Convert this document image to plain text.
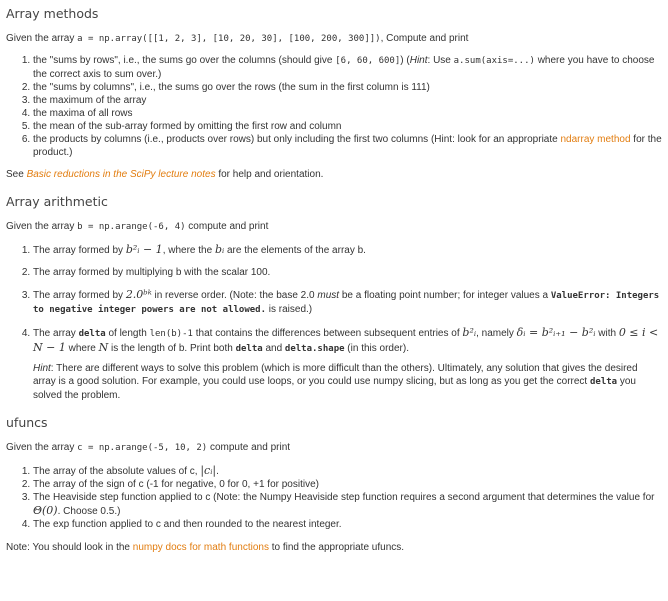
Array methods

Given the array a = np.array([[1, 2, 3], [10, 20, 30], [100, 200, 300]]), Compute and print

1. the "sums by rows", i.e., the sums go over the columns (should give [6, 60, 600]) (Hint: Use a.sum(axis=...) where you have to choose the correct axis to sum over.)
2. the "sums by columns", i.e., the sums go over the rows (the sum in the first column is 111)
3. the maximum of the array
4. the maxima of all rows
5. the mean of the sub-array formed by omitting the first row and column
6. the products by columns (i.e., products over rows) but only including the first two columns (Hint: look for an appropriate ndarray method for the product.)

See Basic reductions in the SciPy lecture notes for help and orientation.

Array arithmetic

Given the array b = np.arange(-6, 4) compute and print

1. The array formed by b²ᵢ − 1, where the bᵢ are the elements of the array b.
2. The array formed by multiplying b with the scalar 100.
3. The array formed by 2.0ᵇᵏ in reverse order. (Note: the base 2.0 must be a floating point number; for integer values a ValueError: Integers to negative integer powers are not allowed. is raised.)
4. The array delta of length len(b)-1 that contains the differences between subsequent entries of b²ᵢ, namely δᵢ = b²ᵢ₊₁ − b²ᵢ with 0 ≤ i < N − 1 where N is the length of b. Print both delta and delta.shape (in this order).

Hint: There are different ways to solve this problem (which is more difficult than the others). Ultimately, any solution that gives the desired array is a good solution. For example, you could use loops, or you could use numpy slicing, but as long as you get the correct delta you solved the problem.

ufuncs

Given the array c = np.arange(-5, 10, 2) compute and print

1. The array of the absolute values of c, |cᵢ|.
2. The array of the sign of c (-1 for negative, 0 for 0, +1 for positive)
3. The Heaviside step function applied to c (Note: the Numpy Heaviside step function requires a second argument that determines the value for Θ(0). Choose 0.5.)
4. The exp function applied to c and then rounded to the nearest integer.

Note: You should look in the numpy docs for math functions to find the appropriate ufuncs.
